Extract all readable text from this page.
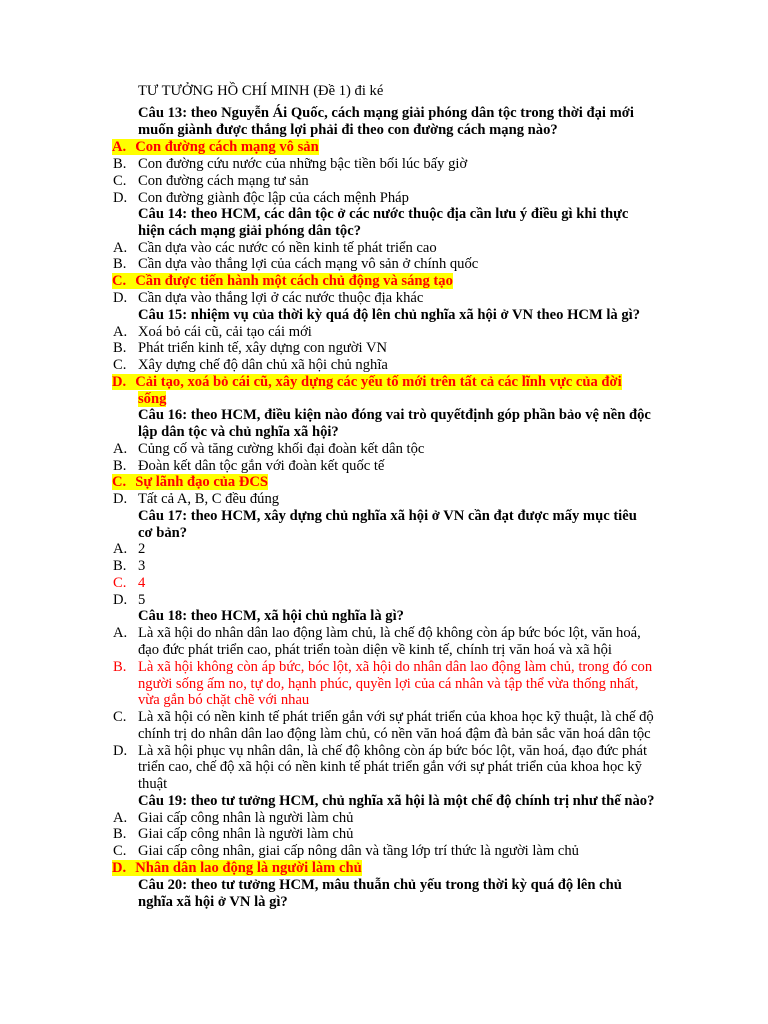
TƯ TƯỞNG HỒ CHÍ MINH (Đề 1) đi ké
Câu 13: theo Nguyễn Ái Quốc, cách mạng giải phóng dân tộc trong thời đại mới
muốn giành được thắng lợi phải đi theo con đường cách mạng nào?
A. Con đường cách mạng vô sản
B. Con đường cứu nước của những bậc tiền bối lúc bấy giờ
C. Con đường cách mạng tư sản
D. Con đường giành độc lập của cách mệnh Pháp
Câu 14: theo HCM, các dân tộc ở các nước thuộc địa cần lưu ý điều gì khi thực
hiện cách mạng giải phóng dân tộc?
A. Cần dựa vào các nước có nền kinh tế phát triển cao
B. Cần dựa vào thắng lợi của cách mạng vô sản ở chính quốc
C. Cần được tiến hành một cách chủ động và sáng tạo
D. Cần dựa vào thắng lợi ở các nước thuộc địa khác
Câu 15: nhiệm vụ của thời kỳ quá độ lên chủ nghĩa xã hội ở VN theo HCM là gì?
A. Xoá bỏ cái cũ, cải tạo cái mới
B. Phát triển kinh tế, xây dựng con người VN
C. Xây dựng chế độ dân chủ xã hội chủ nghĩa
D. Cải tạo, xoá bỏ cái cũ, xây dựng các yếu tố mới trên tất cả các lĩnh vực của đời
sống
Câu 16: theo HCM, điều kiện nào đóng vai trò quyếtđịnh góp phần bảo vệ nền độc
lập dân tộc và chủ nghĩa xã hội?
A. Củng cố và tăng cường khối đại đoàn kết dân tộc
B. Đoàn kết dân tộc gắn với đoàn kết quốc tế
C. Sự lãnh đạo của ĐCS
D. Tất cả A, B, C đều đúng
Câu 17: theo HCM, xây dựng chủ nghĩa xã hội ở VN cần đạt được mấy mục tiêu
cơ bản?
A. 2
B. 3
C. 4
D. 5
Câu 18: theo HCM, xã hội chủ nghĩa là gì?
A. Là xã hội do nhân dân lao động làm chủ, là chế độ không còn áp bức bóc lột, văn hoá,
đạo đức phát triển cao, phát triển toàn diện về kinh tế, chính trị văn hoá và xã hội
B. Là xã hội không còn áp bức, bóc lột, xã hội do nhân dân lao động làm chủ, trong đó con
người sống ấm no, tự do, hạnh phúc, quyền lợi của cá nhân và tập thể vừa thống nhất,
vừa gắn bó chặt chẽ với nhau
C. Là xã hội có nền kinh tế phát triển gắn với sự phát triển của khoa học kỹ thuật, là chế độ
chính trị do nhân dân lao động làm chủ, có nền văn hoá đậm đà bản sắc văn hoá dân tộc
D. Là xã hội phục vụ nhân dân, là chế độ không còn áp bức bóc lột, văn hoá, đạo đức phát
triển cao, chế độ xã hội có nền kinh tế phát triển gắn với sự phát triển của khoa học kỹ
thuật
Câu 19: theo tư tưởng HCM, chủ nghĩa xã hội là một chế độ chính trị như thế nào?
A. Giai cấp công nhân là người làm chủ
B. Giai cấp công nhân là người làm chủ
C. Giai cấp công nhân, giai cấp nông dân và tầng lớp trí thức là người làm chủ
D. Nhân dân lao động là người làm chủ
Câu 20: theo tư tưởng HCM, mâu thuẫn chủ yếu trong thời kỳ quá độ lên chủ
nghĩa xã hội ở VN là gì?
